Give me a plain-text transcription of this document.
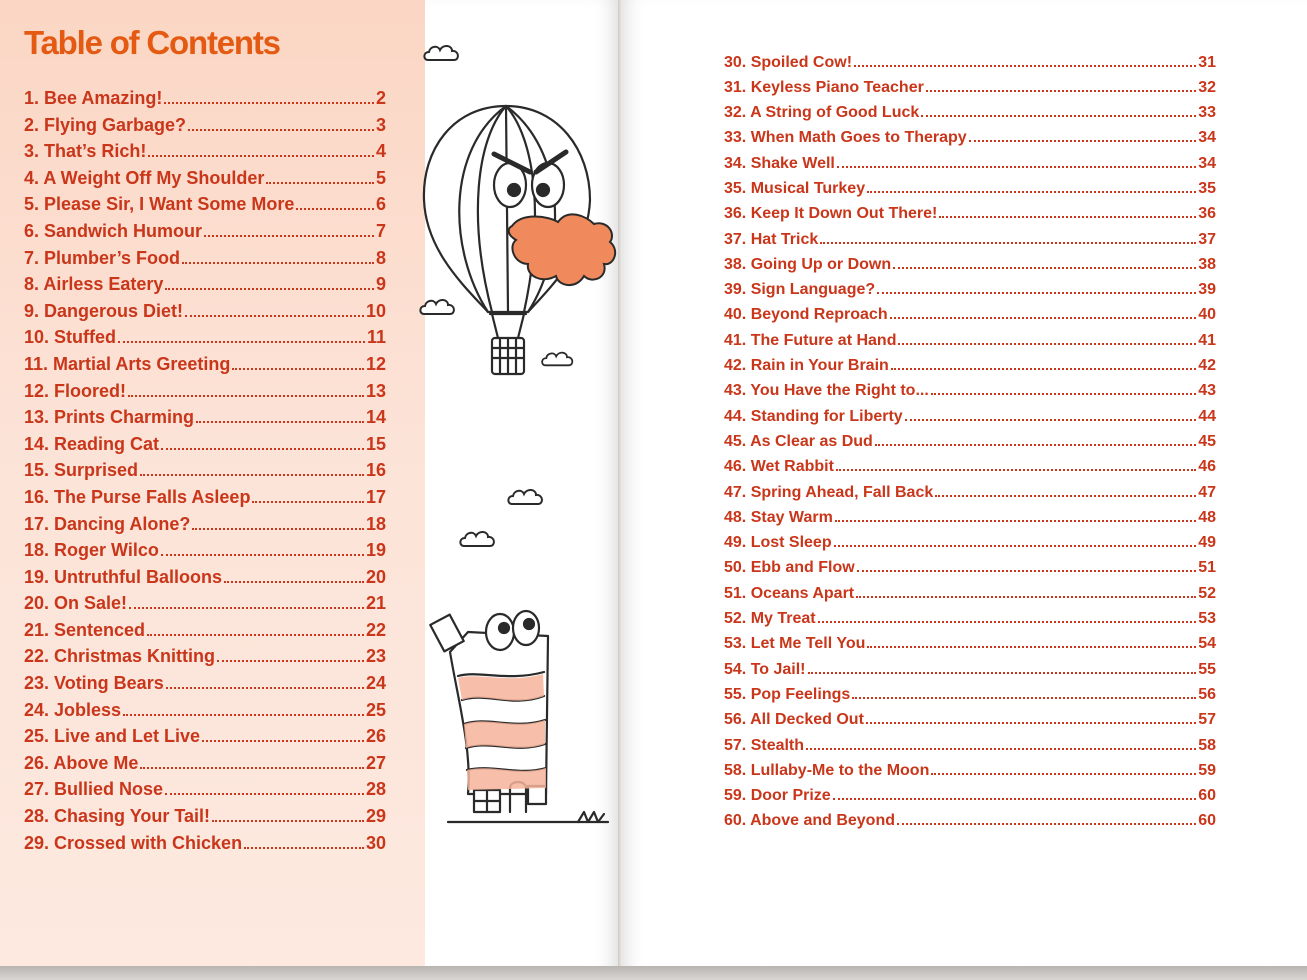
Table of Contents
1. Bee Amazing!	2
2. Flying Garbage?	3
3. That’s Rich!	4
4. A Weight Off My Shoulder	5
5. Please Sir, I Want Some More	6
6. Sandwich Humour	7
7. Plumber’s Food	8
8. Airless Eatery	9
9. Dangerous Diet!	10
10. Stuffed	11
11. Martial Arts Greeting	12
12. Floored!	13
13. Prints Charming	14
14. Reading Cat	15
15. Surprised	16
16. The Purse Falls Asleep	17
17. Dancing Alone?	18
18. Roger Wilco	19
19. Untruthful Balloons	20
20. On Sale!	21
21. Sentenced	22
22. Christmas Knitting	23
23. Voting Bears	24
24. Jobless	25
25. Live and Let Live	26
26. Above Me	27
27. Bullied Nose	28
28. Chasing Your Tail!	29
29. Crossed with Chicken	30
30. Spoiled Cow!	31
31. Keyless Piano Teacher	32
32. A String of Good Luck	33
33. When Math Goes to Therapy	34
34. Shake Well	34
35. Musical Turkey	35
36. Keep It Down Out There!	36
37. Hat Trick	37
38. Going Up or Down	38
39. Sign Language?	39
40. Beyond Reproach	40
41. The Future at Hand	41
42. Rain in Your Brain	42
43. You Have the Right to...	43
44. Standing for Liberty	44
45. As Clear as Dud	45
46. Wet Rabbit	46
47. Spring Ahead, Fall Back	47
48. Stay Warm	48
49. Lost Sleep	49
50. Ebb and Flow	51
51. Oceans Apart	52
52. My Treat	53
53. Let Me Tell You	54
54. To Jail!	55
55. Pop Feelings	56
56. All Decked Out	57
57. Stealth	58
58. Lullaby-Me to the Moon	59
59. Door Prize	60
60. Above and Beyond	60
